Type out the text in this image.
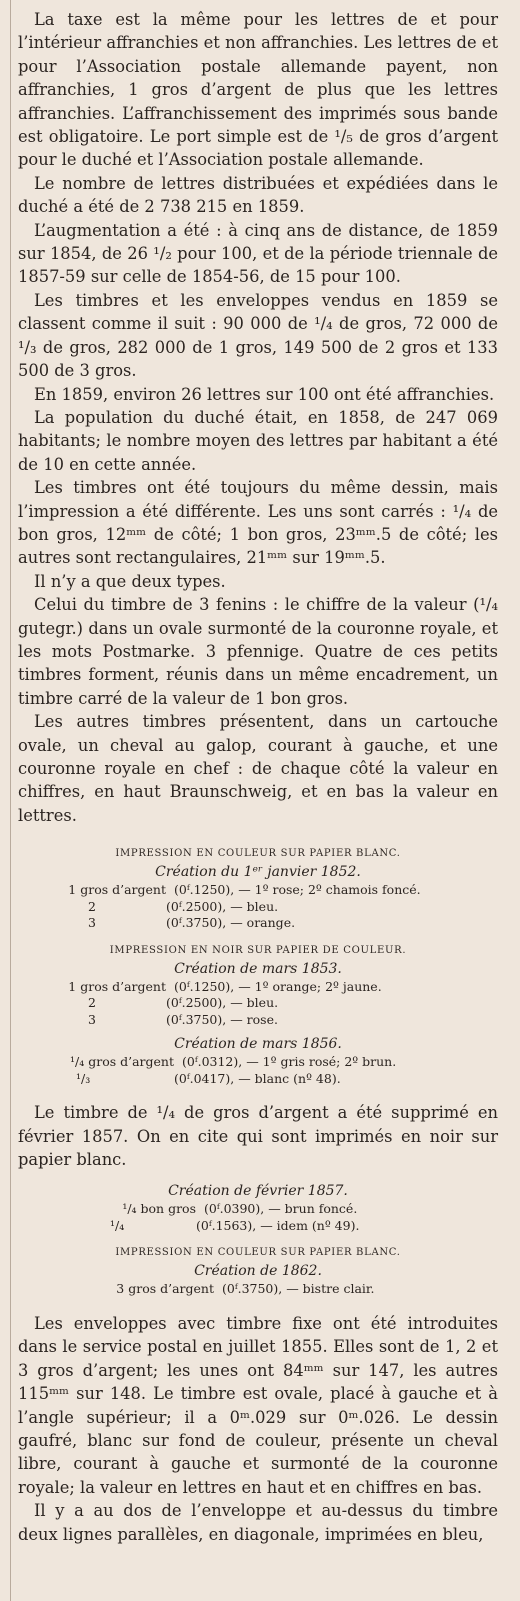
La taxe est la même pour les lettres de et pour l’intérieur affranchies et non affranchies. Les lettres de et pour l’Association postale allemande payent, non affranchies, 1 gros d’argent de plus que les lettres affranchies. L’affranchissement des imprimés sous bande est obligatoire. Le port simple est de ¹/₅ de gros d’argent pour le duché et l’Association postale allemande.

Le nombre de lettres distribuées et expédiées dans le duché a été de 2 738 215 en 1859.

L’augmentation a été : à cinq ans de distance, de 1859 sur 1854, de 26 ¹/₂ pour 100, et de la période triennale de 1857-59 sur celle de 1854-56, de 15 pour 100.

Les timbres et les enveloppes vendus en 1859 se classent comme il suit : 90 000 de ¹/₄ de gros, 72 000 de ¹/₃ de gros, 282 000 de 1 gros, 149 500 de 2 gros et 133 500 de 3 gros.

En 1859, environ 26 lettres sur 100 ont été affranchies.

La population du duché était, en 1858, de 247 069 habitants; le nombre moyen des lettres par habitant a été de 10 en cette année.

Les timbres ont été toujours du même dessin, mais l’impression a été différente. Les uns sont carrés : ¹/₄ de bon gros, 12ᵐᵐ de côté; 1 bon gros, 23ᵐᵐ.5 de côté; les autres sont rectangulaires, 21ᵐᵐ sur 19ᵐᵐ.5.

Il n’y a que deux types.

Celui du timbre de 3 fenins : le chiffre de la valeur (¹/₄ gutegr.) dans un ovale surmonté de la couronne royale, et les mots Postmarke. 3 pfennige. Quatre de ces petits timbres forment, réunis dans un même encadrement, un timbre carré de la valeur de 1 bon gros.

Les autres timbres présentent, dans un cartouche ovale, un cheval au galop, courant à gauche, et une couronne royale en chef : de chaque côté la valeur en chiffres, en haut Braunschweig, et en bas la valeur en lettres.

IMPRESSION EN COULEUR SUR PAPIER BLANC.
Création du 1ᵉʳ janvier 1852.
1 gros d’argent (0ᶠ.1250), — 1º rose; 2º chamois foncé.
2	(0ᶠ.2500), — bleu.
3	(0ᶠ.3750), — orange.
IMPRESSION EN NOIR SUR PAPIER DE COULEUR.
Création de mars 1853.
1 gros d’argent (0ᶠ.1250), — 1º orange; 2º jaune.
2	(0ᶠ.2500), — bleu.
3	(0ᶠ.3750), — rose.
Création de mars 1856.
¹/₄ gros d’argent (0ᶠ.0312), — 1º gris rosé; 2º brun.
¹/₃	(0ᶠ.0417), — blanc (nº 48).

Le timbre de ¹/₄ de gros d’argent a été supprimé en février 1857. On en cite qui sont imprimés en noir sur papier blanc.

Création de février 1857.
¹/₄ bon gros (0ᶠ.0390), — brun foncé.
¹/₄	(0ᶠ.1563), — idem (nº 49).
IMPRESSION EN COULEUR SUR PAPIER BLANC.
Création de 1862.
3 gros d’argent (0ᶠ.3750), — bistre clair.

Les enveloppes avec timbre fixe ont été introduites dans le service postal en juillet 1855. Elles sont de 1, 2 et 3 gros d’argent; les unes ont 84ᵐᵐ sur 147, les autres 115ᵐᵐ sur 148. Le timbre est ovale, placé à gauche et à l’angle supérieur; il a 0ᵐ.029 sur 0ᵐ.026. Le dessin gaufré, blanc sur fond de couleur, présente un cheval libre, courant à gauche et surmonté de la couronne royale; la valeur en lettres en haut et en chiffres en bas.

Il y a au dos de l’enveloppe et au-dessus du timbre deux lignes parallèles, en diagonale, imprimées en bleu,
